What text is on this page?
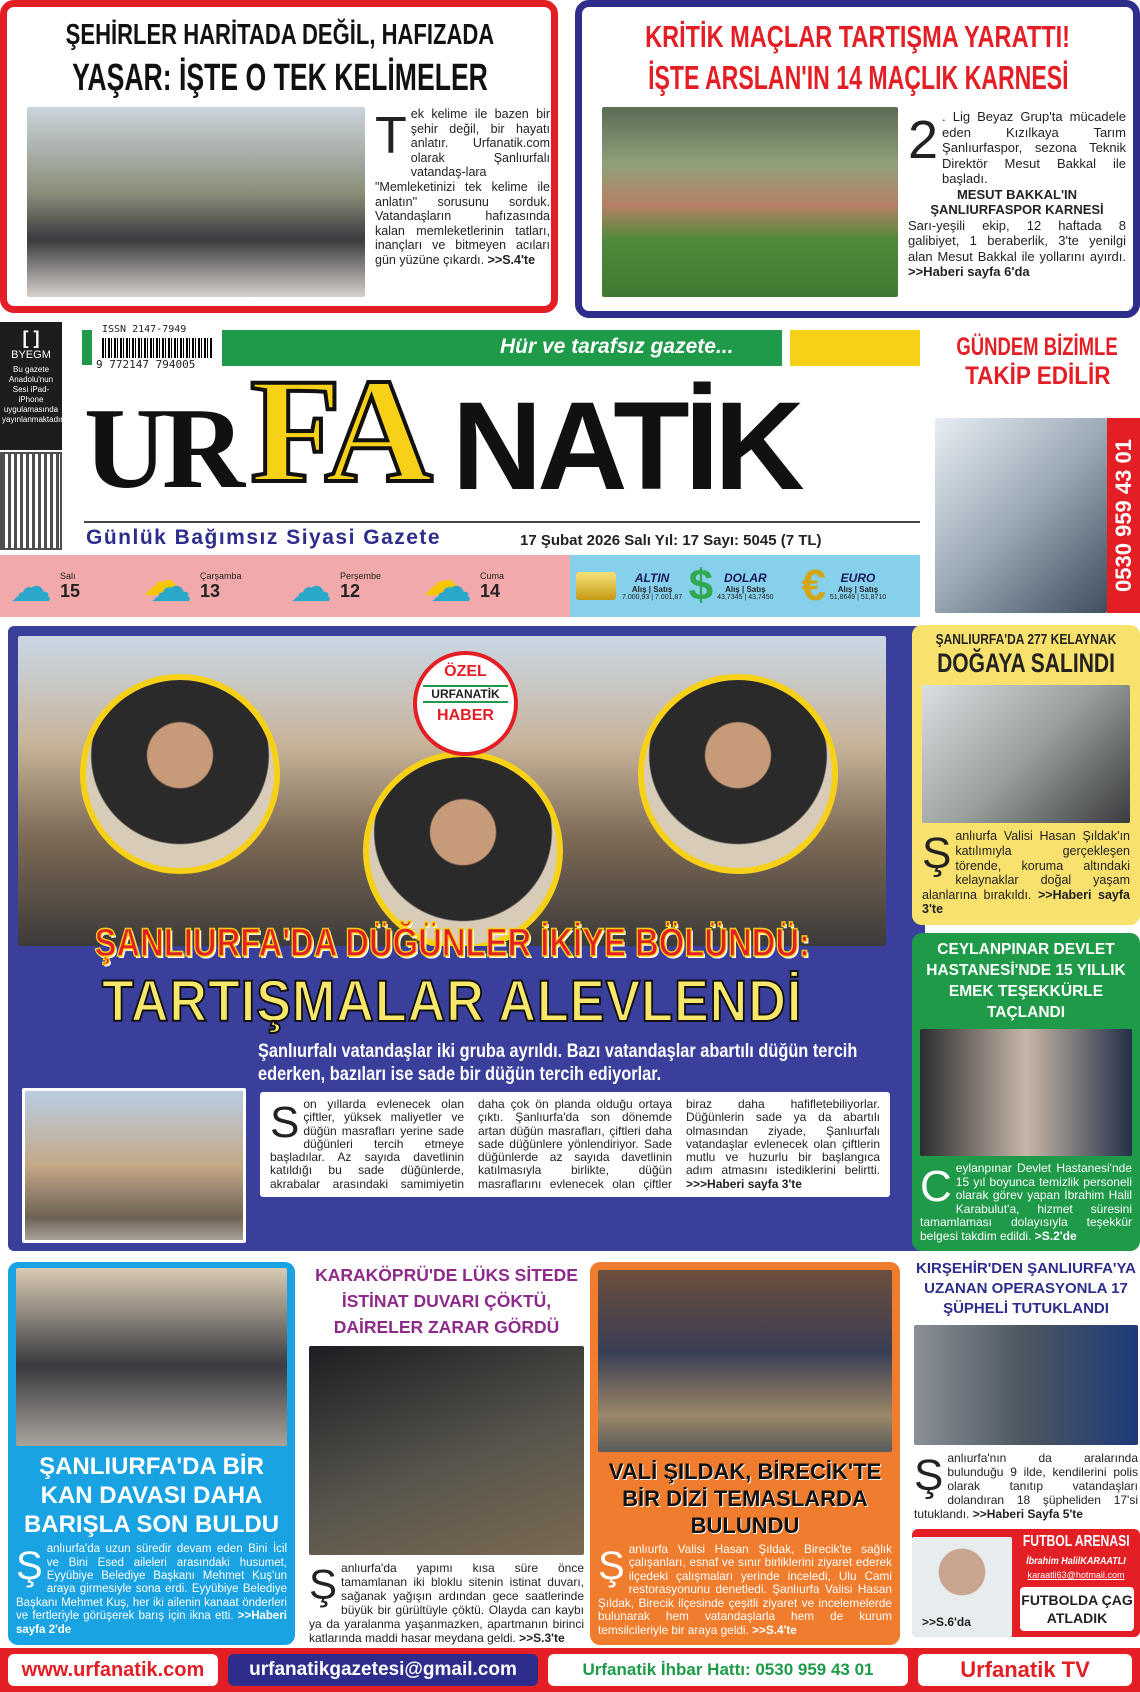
ŞEHİRLER HARİTADA DEĞİL, HAFIZADA
YAŞAR: İŞTE O TEK KELİMELER
Tek kelime ile bazen bir şehir değil, bir hayatı anlatır. Urfanatik.com olarak Şanlıurfalı vatandaş-lara "Memleketinizi tek kelime ile anlatın'' sorusunu sorduk. Vatandaşların hafızasında kalan memleketlerinin tatları, inançları ve bitmeyen acıları gün yüzüne çıkardı. >>S.4'te
KRİTİK MAÇLAR TARTIŞMA YARATTI!
İŞTE ARSLAN'IN 14 MAÇLIK KARNESİ
2 . Lig Beyaz Grup'ta mücadele eden Kızılkaya Tarım Şanlıurfaspor, sezona Teknik Direktör Mesut Bakkal ile başladı.
MESUT BAKKAL'IN ŞANLIURFASPOR KARNESİ
Sarı-yeşili ekip, 12 haftada 8 galibiyet, 1 beraberlik, 3'te yenilgi alan Mesut Bakkal ile yollarını ayırdı. >>Haberi sayfa 6'da
[ ]
BYEGM
Bu gazete Anadolu'nun Sesi iPad-iPhone uygulamasında yayınlanmaktadır.
ISSN 2147-7949
9 772147 794005
Hür ve tarafsız gazete...
UR FA NATİK
Günlük Bağımsız Siyasi Gazete	17 Şubat 2026 Salı Yıl: 17 Sayı: 5045 (7 TL)
GÜNDEM BİZİMLE
TAKİP EDİLİR
0530 959 43 01
☁ Salı
15 ☁ Çarşamba
13	☁ Perşembe
12	☁ Cuma
14
ALTIN
Alış | Satış
7.000,93 | 7.001,87 $ DOLAR
Alış | Satış
43,7345 | 43,7450 €	EURO
Alış | Satış
51,8649 | 51,8710
ÖZEL
URFANATİK
HABER
ŞANLIURFA'DA DÜĞÜNLER İKİYE BÖLÜNDÜ:
TARTIŞMALAR ALEVLENDİ
Şanlıurfalı vatandaşlar iki gruba ayrıldı. Bazı vatandaşlar abartılı düğün tercih ederken, bazıları ise sade bir düğün tercih ediyorlar.
Son yıllarda evlenecek olan çiftler, yüksek maliyetler ve düğün masrafları yerine sade düğünleri tercih etmeye başladılar. Az sayıda davetlinin katıldığı bu sade düğünlerde, akrabalar arasındaki samimiyetin daha çok ön planda olduğu ortaya çıktı. Şanlıurfa'da son dönemde artan düğün masrafları, çiftleri daha sade düğünlere yönlendiriyor. Sade düğünlerde az sayıda davetlinin katılmasıyla birlikte, düğün masraflarını evlenecek olan çiftler biraz daha hafifletebiliyorlar. Düğünlerin sade ya da abartılı olmasından ziyade, Şanlıurfalı vatandaşlar evlenecek olan çiftlerin mutlu ve huzurlu bir başlangıca adım atmasını istediklerini belirtti. >>>Haberi sayfa 3'te
ŞANLIURFA'DA 277 KELAYNAK
DOĞAYA SALINDI
Şanlıurfa Valisi Hasan Şıldak'ın katılımıyla gerçekleşen törende, koruma altındaki kelaynaklar doğal yaşam alanlarına bırakıldı. >>Haberi sayfa 3'te
CEYLANPINAR DEVLET HASTANESİ'NDE 15 YILLIK EMEK TEŞEKKÜRLE TAÇLANDI
Ceylanpınar Devlet Hastanesi'nde 15 yıl boyunca temizlik personeli olarak görev yapan İbrahim Halil Karabulut'a, hizmet süresini tamamlaması dolayısıyla teşekkür belgesi takdim edildi. >S.2'de
KIRŞEHİR'DEN ŞANLIURFA'YA UZANAN OPERASYONLA 17 ŞÜPHELİ TUTUKLANDI
Şanlıurfa'nın da aralarında bulunduğu 9 ilde, kendilerini polis olarak tanıtıp vatandaşları dolandıran 18 şüpheliden 17'si tutuklandı. >>Haberi Sayfa 5'te
>>S.6'da
FUTBOL ARENASI
İbrahim HalilKARAATLI
karaatli63@hotmail.com
FUTBOLDA ÇAG ATLADIK
ŞANLIURFA'DA BİR KAN DAVASI DAHA BARIŞLA SON BULDU
Şanlıurfa'da uzun süredir devam eden Bini İcil ve Bini Esed aileleri arasındaki husumet, Eyyübiye Belediye Başkanı Mehmet Kuş'un araya girmesiyle sona erdi. Eyyübiye Belediye Başkanı Mehmet Kuş, her iki ailenin kanaat önderleri ve fertleriyle görüşerek barış için ikna etti. >>Haberi sayfa 2'de
KARAKÖPRÜ'DE LÜKS SİTEDE İSTİNAT DUVARI ÇÖKTÜ, DAİRELER ZARAR GÖRDÜ
Şanlıurfa'da yapımı kısa süre önce tamamlanan iki bloklu sitenin istinat duvarı, sağanak yağışın ardından gece saatlerinde büyük bir gürültüyle çöktü. Olayda can kaybı ya da yaralanma yaşanmazken, apartmanın birinci katlarında maddi hasar meydana geldi. >>S.3'te
VALİ ŞILDAK, BİRECİK'TE BİR DİZİ TEMASLARDA BULUNDU
Şanlıurfa Valisi Hasan Şıldak, Birecik'te sağlık çalışanları, esnaf ve sınır birliklerini ziyaret ederek ilçedeki çalışmaları yerinde inceledi, Ulu Cami restorasyonunu denetledi. Şanlıurfa Valisi Hasan Şıldak, Birecik ilçesinde çeşitli ziyaret ve incelemelerde bulunarak hem vatandaşlarla hem de kurum temsilcileriyle bir araya geldi. >>S.4'te
www.urfanatik.com	urfanatikgazetesi@gmail.com	Urfanatik İhbar Hattı: 0530 959 43 01	Urfanatik TV
